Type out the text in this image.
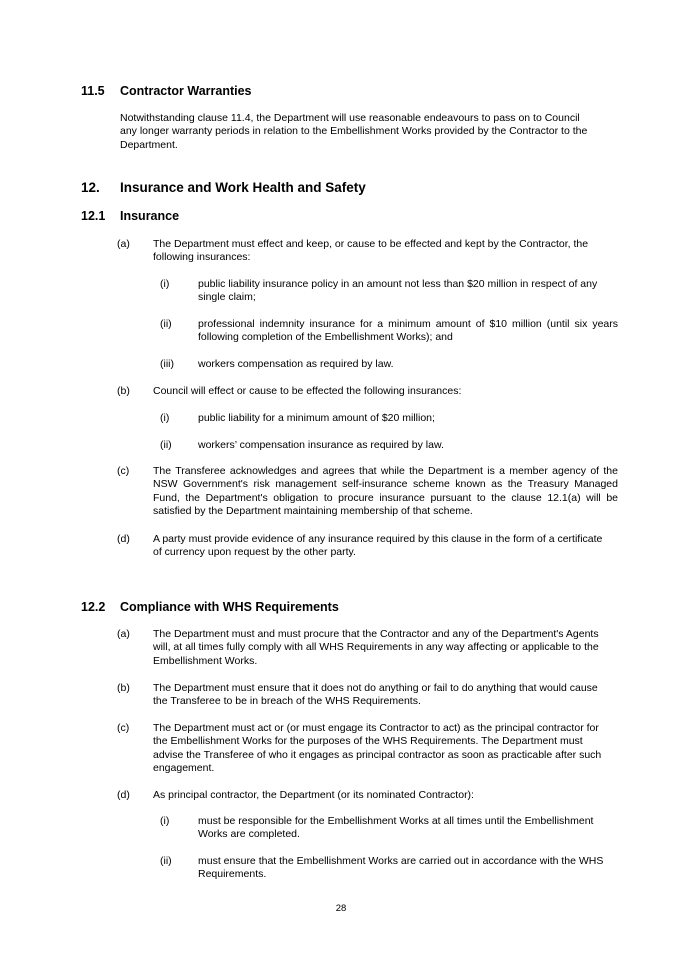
11.5 Contractor Warranties
Notwithstanding clause 11.4, the Department will use reasonable endeavours to pass on to Council any longer warranty periods in relation to the Embellishment Works provided by the Contractor to the Department.
12. Insurance and Work Health and Safety
12.1 Insurance
(a) The Department must effect and keep, or cause to be effected and kept by the Contractor, the following insurances:
(i)	public liability insurance policy in an amount not less than $20 million in respect of any single claim;
(ii)	professional indemnity insurance for a minimum amount of $10 million (until six years following completion of the Embellishment Works); and
(iii) workers compensation as required by law.
(b) Council will effect or cause to be effected the following insurances:
(i)	public liability for a minimum amount of $20 million;
(ii)	workers’ compensation insurance as required by law.
(c) The Transferee acknowledges and agrees that while the Department is a member agency of the NSW Government's risk management self-insurance scheme known as the Treasury Managed Fund, the Department's obligation to procure insurance pursuant to the clause 12.1(a) will be satisfied by the Department maintaining membership of that scheme.
(d) A party must provide evidence of any insurance required by this clause in the form of a certificate of currency upon request by the other party.
12.2 Compliance with WHS Requirements
(a) The Department must and must procure that the Contractor and any of the Department's Agents will, at all times fully comply with all WHS Requirements in any way affecting or applicable to the Embellishment Works.
(b) The Department must ensure that it does not do anything or fail to do anything that would cause the Transferee to be in breach of the WHS Requirements.
(c) The Department must act or (or must engage its Contractor to act) as the principal contractor for the Embellishment Works for the purposes of the WHS Requirements. The Department must advise the Transferee of who it engages as principal contractor as soon as practicable after such engagement.
(d) As principal contractor, the Department (or its nominated Contractor):
(i)	must be responsible for the Embellishment Works at all times until the Embellishment Works are completed.
(ii)	must ensure that the Embellishment Works are carried out in accordance with the WHS Requirements.
28
